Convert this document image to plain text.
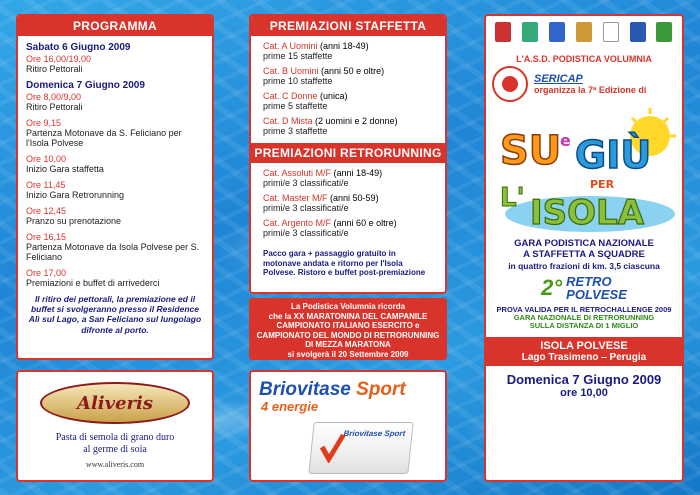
PROGRAMMA
Sabato 6 Giugno 2009
Ore 16,00/19,00
Ritiro Pettorali
Domenica 7 Giugno 2009
Ore 8,00/9,00
Ritiro Pettorali
Ore 9,15
Partenza Motonave da S. Feliciano per l'Isola Polvese
Ore 10,00
Inizio Gara staffetta
Ore 11,45
Inizio Gara Retrorunning
Ore 12,45
Pranzo su prenotazione
Ore 16,15
Partenza Motonave da Isola Polvese per S. Feliciano
Ore 17,00
Premiazioni e buffet di arrivederci
Il ritiro dei pettorali, la premiazione ed il buffet si svolgeranno presso il Residence Alì sul Lago, a San Feliciano sul lungolago difronte al porto.
PREMIAZIONI STAFFETTA
Cat. A Uomini (anni 18-49)
prime 15 staffette
Cat. B Uomini (anni 50 e oltre)
prime 10 staffette
Cat. C Donne (unica)
prime 5 staffette
Cat. D Mista (2 uomini e 2 donne)
prime 3 staffette
PREMIAZIONI RETRORUNNING
Cat. Assoluti M/F (anni 18-49)
primi/e 3 classificati/e
Cat. Master M/F (anni 50-59)
primi/e 3 classificati/e
Cat. Argento M/F (anni 60 e oltre)
primi/e 3 classificati/e
Pacco gara + passaggio gratuito in motonave andata e ritorno per l'Isola Polvese. Ristoro e buffet post-premiazione
La Podistica Volumnia ricorda
che la XX MARATONINA DEL CAMPANILE
CAMPIONATO ITALIANO ESERCITO e
CAMPIONATO DEL MONDO DI RETRORUNNING
DI MEZZA MARATONA
si svolgerà il 20 Settembre 2009
Aliveris
Pasta di semola di grano duro
al germe di soia
www.aliveris.com
Briovitase Sport
4 energie
Briovitase Sport
L'A.S.D. PODISTICA VOLUMNIA
SERICAP
organizza la 7ª Edizione di
SU
e GIÙ
L'	PER
ISOLA
GARA PODISTICA NAZIONALE
A STAFFETTA A SQUADRE
in quattro frazioni di km. 3,5 ciascuna
2° RETRO
POLVESE
PROVA VALIDA PER IL RETROCHALLENGE 2009
GARA NAZIONALE DI RETRORUNNING
SULLA DISTANZA DI 1 MIGLIO
ISOLA POLVESE
Lago Trasimeno – Perugia
Domenica 7 Giugno 2009
ore 10,00
